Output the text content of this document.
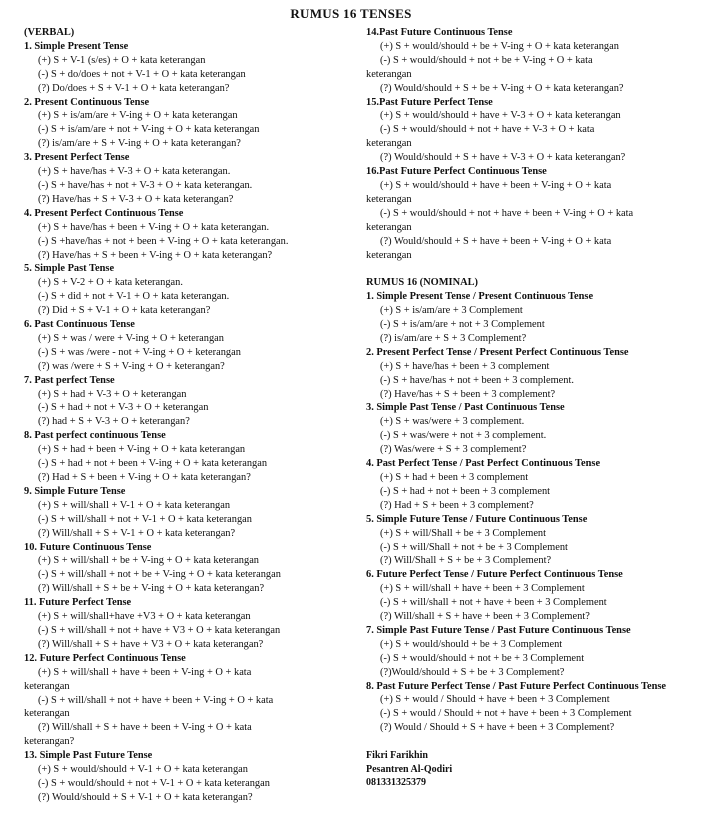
RUMUS 16 TENSES
(VERBAL)
1. Simple Present Tense
(+) S + V-1 (s/es) + O + kata keterangan
(-) S + do/does + not + V-1 + O + kata keterangan
(?) Do/does + S + V-1 + O + kata keterangan?
2. Present Continuous Tense
(+) S + is/am/are + V-ing + O + kata keterangan
(-) S + is/am/are + not + V-ing + O + kata keterangan
(?) is/am/are + S + V-ing + O + kata keterangan?
3. Present Perfect Tense
(+) S + have/has + V-3 + O + kata keterangan.
(-) S + have/has + not + V-3 + O + kata keterangan.
(?) Have/has + S + V-3 + O + kata keterangan?
4. Present Perfect Continuous Tense
(+) S + have/has + been + V-ing + O + kata keterangan.
(-) S +have/has + not + been + V-ing + O + kata keterangan.
(?) Have/has + S + been + V-ing + O + kata keterangan?
5. Simple Past Tense
(+) S + V-2 + O + kata keterangan.
(-) S + did + not + V-1 + O + kata keterangan.
(?) Did + S + V-1 + O + kata keterangan?
6. Past Continuous Tense
(+) S + was / were + V-ing + O + keterangan
(-) S + was /were - not + V-ing + O + keterangan
(?) was /were + S + V-ing + O + keterangan?
7. Past perfect Tense
(+) S + had + V-3 + O + keterangan
(-) S + had + not + V-3 + O + keterangan
(?) had + S + V-3 + O + keterangan?
8. Past perfect continuous Tense
(+) S + had + been + V-ing + O + kata keterangan
(-) S + had + not + been + V-ing + O + kata keterangan
(?) Had + S + been + V-ing + O + kata keterangan?
9. Simple Future Tense
(+) S + will/shall + V-1 + O + kata keterangan
(-) S + will/shall + not + V-1 + O + kata keterangan
(?) Will/shall + S + V-1 + O + kata keterangan?
10. Future Continuous Tense
(+) S + will/shall + be + V-ing + O + kata keterangan
(-) S + will/shall + not + be + V-ing + O + kata keterangan
(?) Will/shall + S + be + V-ing + O + kata keterangan?
11. Future Perfect Tense
(+) S + will/shall+have +V3 + O + kata keterangan
(-) S + will/shall + not + have + V3 + O + kata keterangan
(?) Will/shall + S + have + V3 + O + kata keterangan?
12. Future Perfect Continuous Tense
(+) S + will/shall + have + been + V-ing + O + kata
keterangan
(-) S + will/shall + not + have + been + V-ing + O + kata
keterangan
(?) Will/shall + S + have + been + V-ing + O + kata
keterangan?
13. Simple Past Future Tense
(+) S + would/should + V-1 + O + kata keterangan
(-) S + would/should + not + V-1 + O + kata keterangan
(?) Would/should + S + V-1 + O + kata keterangan?
14.Past Future Continuous Tense
(+) S + would/should + be + V-ing + O + kata keterangan
(-) S + would/should + not + be + V-ing + O + kata
keterangan
(?) Would/should + S + be + V-ing + O + kata keterangan?
15.Past Future Perfect Tense
(+) S + would/should + have + V-3 + O + kata keterangan
(-) S + would/should + not + have + V-3 + O + kata
keterangan
(?) Would/should + S + have + V-3 + O + kata keterangan?
16.Past Future Perfect Continuous Tense
(+) S + would/should + have + been + V-ing + O + kata
keterangan
(-) S + would/should + not + have + been + V-ing + O + kata
keterangan
(?) Would/should + S + have + been + V-ing + O + kata
keterangan
RUMUS 16 (NOMINAL)
1. Simple Present Tense / Present Continuous Tense
(+) S + is/am/are + 3 Complement
(-) S + is/am/are + not + 3 Complement
(?) is/am/are + S + 3 Complement?
2. Present Perfect Tense / Present Perfect Continuous Tense
(+) S + have/has + been + 3 complement
(-) S + have/has + not + been + 3 complement.
(?) Have/has + S + been + 3 complement?
3. Simple Past Tense / Past Continuous Tense
(+) S + was/were + 3 complement.
(-) S + was/were + not + 3 complement.
(?) Was/were + S + 3 complement?
4. Past Perfect Tense / Past Perfect Continuous Tense
(+) S + had + been + 3 complement
(-) S + had + not + been + 3 complement
(?) Had + S + been + 3 complement?
5. Simple Future Tense / Future Continuous Tense
(+) S + will/Shall + be + 3 Complement
(-) S + will/Shall + not + be + 3 Complement
(?) Will/Shall + S + be + 3 Complement?
6. Future Perfect Tense / Future Perfect Continuous Tense
(+) S + will/shall + have + been + 3 Complement
(-) S + will/shall + not + have + been + 3 Complement
(?) Will/shall + S + have + been + 3 Complement?
7. Simple Past Future Tense / Past Future Continuous Tense
(+) S + would/should + be + 3 Complement
(-) S + would/should + not + be + 3 Complement
(?)Would/should + S + be + 3 Complement?
8. Past Future Perfect Tense / Past Future Perfect Continuous Tense
(+) S + would / Should + have + been + 3 Complement
(-) S + would / Should + not + have + been + 3 Complement
(?) Would / Should + S + have + been + 3 Complement?
Fikri Farikhin
Pesantren Al-Qodiri
081331325379
